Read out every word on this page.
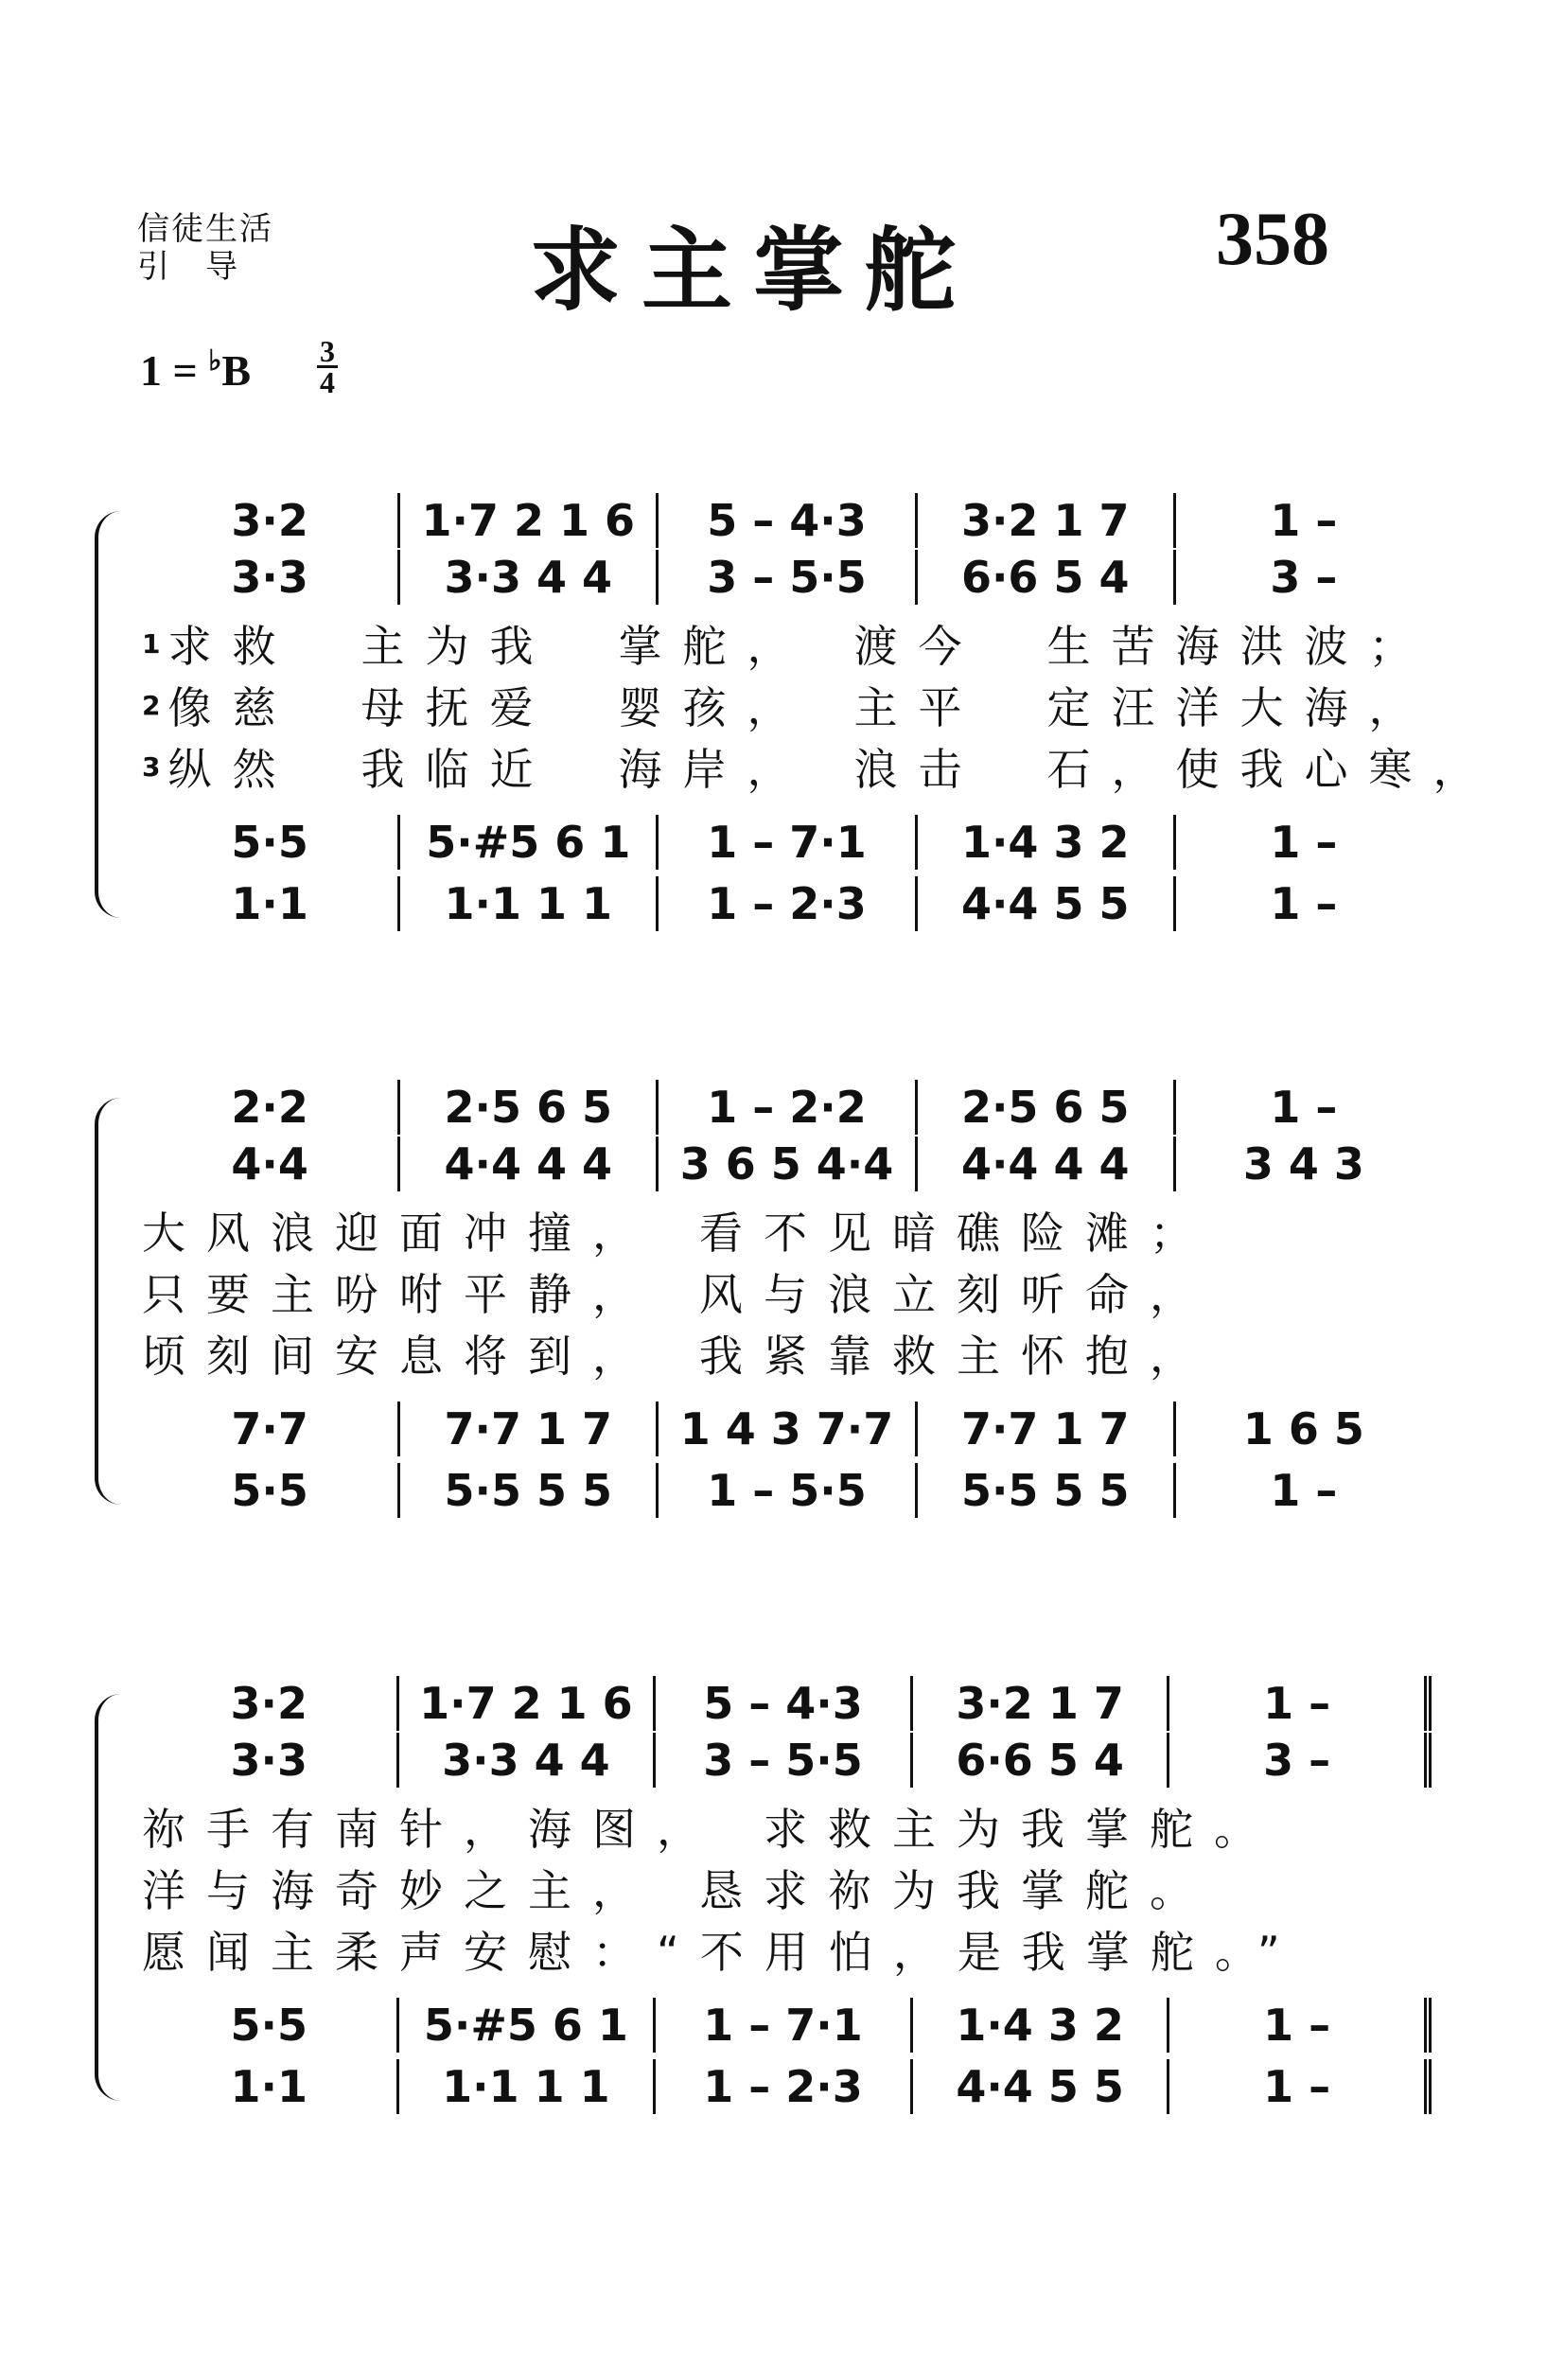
信徒生活
引　导	求主掌舵	358
1 = ♭B 3
4
3·2	1·7 2 1 6	5 – 4·3	3·2 1 7	1 –
3·3	3·3 4 4	3 – 5·5	6·6 5 4	3 –
1 求救　主为我　掌舵，　渡今　生苦海洪波；
2 像慈　母抚爱　婴孩，　主平　定汪洋大海，
3 纵然　我临近　海岸，　浪击　石，使我心寒，
5·5	5·#5 6 1	1 – 7·1	1·4 3 2	1 –
1·1	1·1 1 1	1 – 2·3	4·4 5 5	1 –
2·2	2·5 6 5	1 – 2·2	2·5 6 5	1 –
4·4	4·4 4 4	3 6 5 4·4	4·4 4 4	3 4 3
大风浪迎面冲撞，　看不见暗礁险滩；
只要主吩咐平静，　风与浪立刻听命，
顷刻间安息将到，　我紧靠救主怀抱，
7·7	7·7 1 7	1 4 3 7·7	7·7 1 7	1 6 5
5·5	5·5 5 5	1 – 5·5	5·5 5 5	1 –
3·2	1·7 2 1 6	5 – 4·3	3·2 1 7	1 –
3·3	3·3 4 4	3 – 5·5	6·6 5 4	3 –
祢手有南针，海图，　求救主为我掌舵。
洋与海奇妙之主，　恳求祢为我掌舵。
愿闻主柔声安慰：“不用怕，是我掌舵。”
5·5	5·#5 6 1	1 – 7·1	1·4 3 2	1 –
1·1	1·1 1 1	1 – 2·3	4·4 5 5	1 –
